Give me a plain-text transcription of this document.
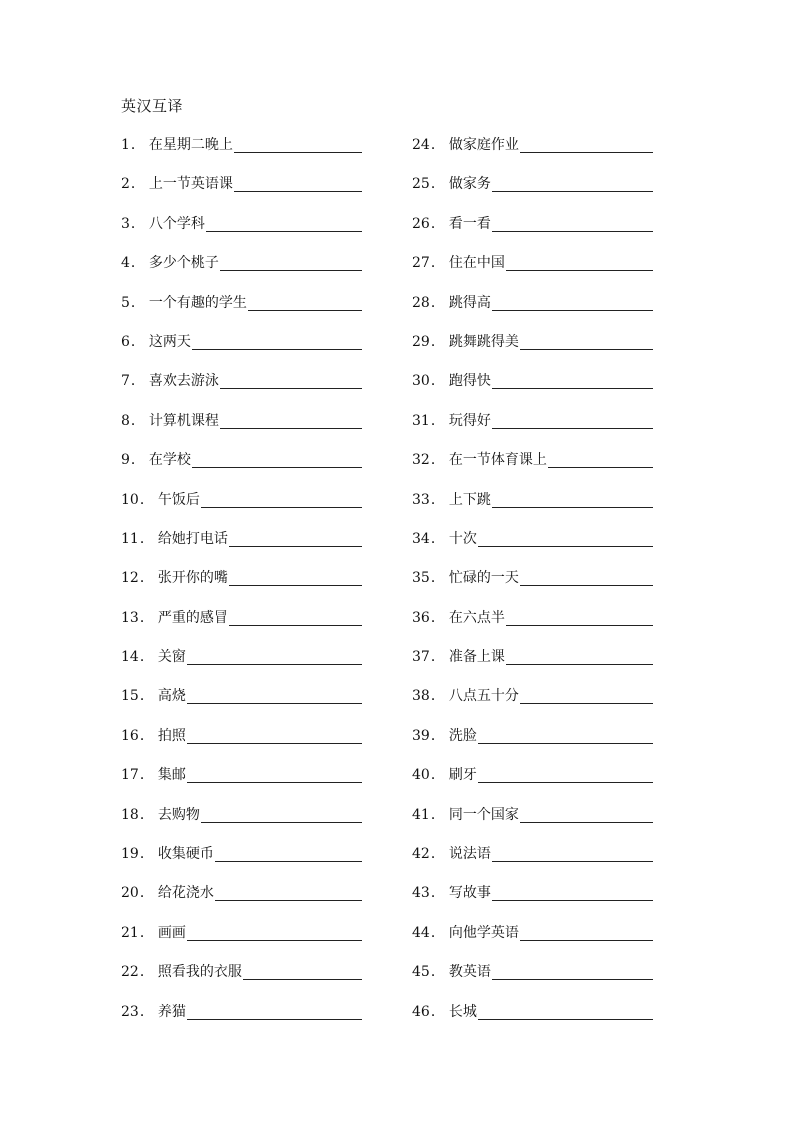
英汉互译
1 ． 在星期二晚上
2 ． 上一节英语课
3 ． 八个学科
4 ． 多少个桃子
5 ． 一个有趣的学生
6 ． 这两天
7 ． 喜欢去游泳
8 ． 计算机课程
9 ． 在学校
10 ． 午饭后
11 ． 给她打电话
12 ． 张开你的嘴
13 ． 严重的感冒
14 ． 关窗
15 ． 高烧
16 ． 拍照
17 ． 集邮
18 ． 去购物
19 ． 收集硬币
20 ． 给花浇水
21 ． 画画
22 ． 照看我的衣服
23 ． 养猫
24 ． 做家庭作业
25 ． 做家务
26 ． 看一看
27 ． 住在中国
28 ． 跳得高
29 ． 跳舞跳得美
30 ． 跑得快
31 ． 玩得好
32 ． 在一节体育课上
33 ． 上下跳
34 ． 十次
35 ． 忙碌的一天
36 ． 在六点半
37 ． 准备上课
38 ． 八点五十分
39 ． 洗脸
40 ． 刷牙
41 ． 同一个国家
42 ． 说法语
43 ． 写故事
44 ． 向他学英语
45 ． 教英语
46 ． 长城
